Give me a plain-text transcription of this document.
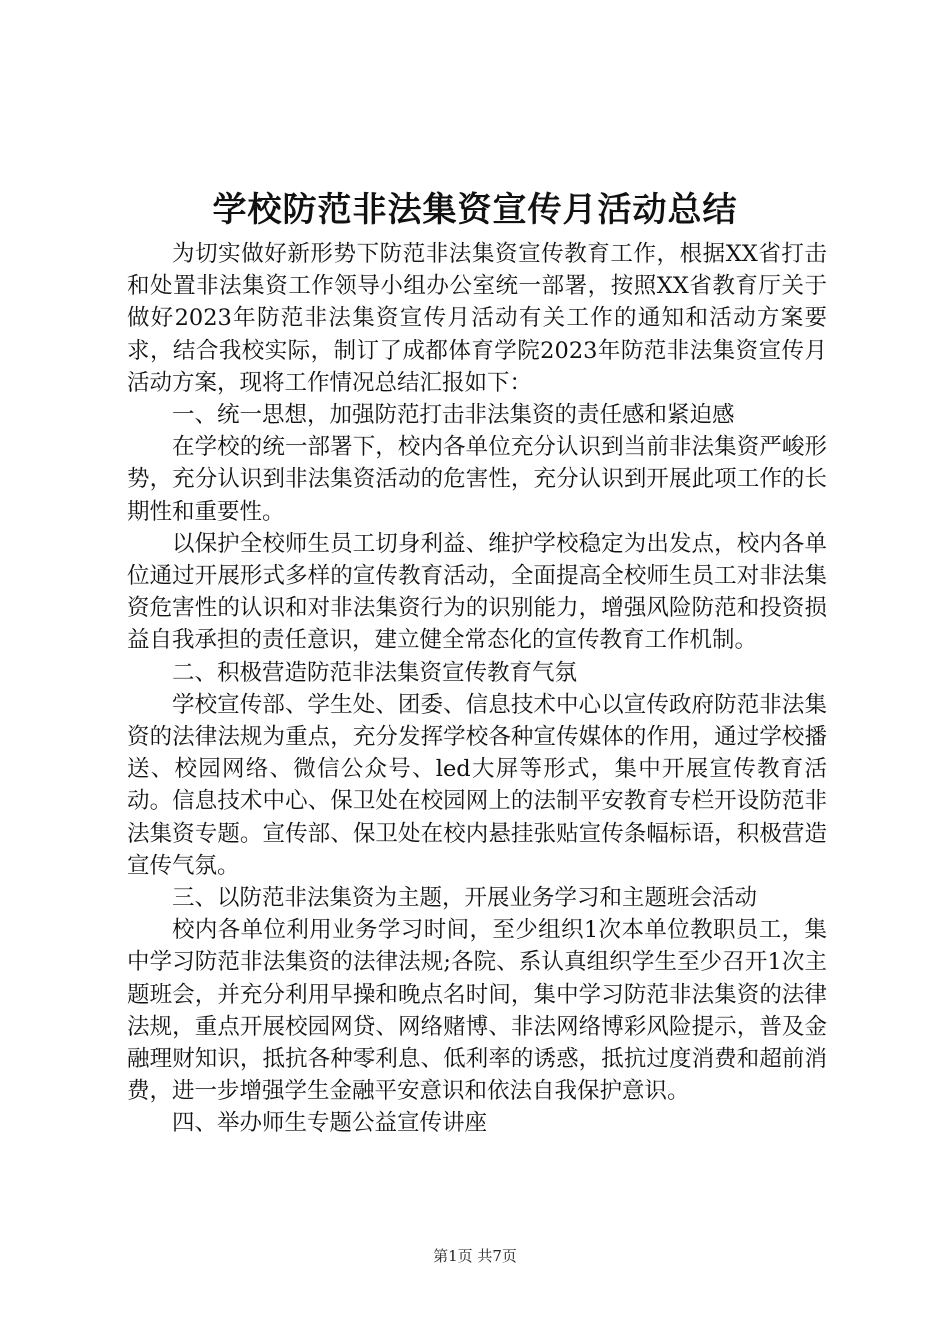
学校防范非法集资宣传月活动总结

为切实做好新形势下防范非法集资宣传教育工作，根据XX省打击和处置非法集资工作领导小组办公室统一部署，按照XX省教育厅关于做好2023年防范非法集资宣传月活动有关工作的通知和活动方案要求，结合我校实际，制订了成都体育学院2023年防范非法集资宣传月活动方案，现将工作情况总结汇报如下：

一、统一思想，加强防范打击非法集资的责任感和紧迫感

在学校的统一部署下，校内各单位充分认识到当前非法集资严峻形势，充分认识到非法集资活动的危害性，充分认识到开展此项工作的长期性和重要性。

以保护全校师生员工切身利益、维护学校稳定为出发点，校内各单位通过开展形式多样的宣传教育活动，全面提高全校师生员工对非法集资危害性的认识和对非法集资行为的识别能力，增强风险防范和投资损益自我承担的责任意识，建立健全常态化的宣传教育工作机制。

二、积极营造防范非法集资宣传教育气氛

学校宣传部、学生处、团委、信息技术中心以宣传政府防范非法集资的法律法规为重点，充分发挥学校各种宣传媒体的作用，通过学校播送、校园网络、微信公众号、led大屏等形式，集中开展宣传教育活动。信息技术中心、保卫处在校园网上的法制平安教育专栏开设防范非法集资专题。宣传部、保卫处在校内悬挂张贴宣传条幅标语，积极营造宣传气氛。

三、以防范非法集资为主题，开展业务学习和主题班会活动

校内各单位利用业务学习时间，至少组织1次本单位教职员工，集中学习防范非法集资的法律法规;各院、系认真组织学生至少召开1次主题班会，并充分利用早操和晚点名时间，集中学习防范非法集资的法律法规，重点开展校园网贷、网络赌博、非法网络博彩风险提示，普及金融理财知识，抵抗各种零利息、低利率的诱惑，抵抗过度消费和超前消费，进一步增强学生金融平安意识和依法自我保护意识。

四、举办师生专题公益宣传讲座

第1页 共7页
